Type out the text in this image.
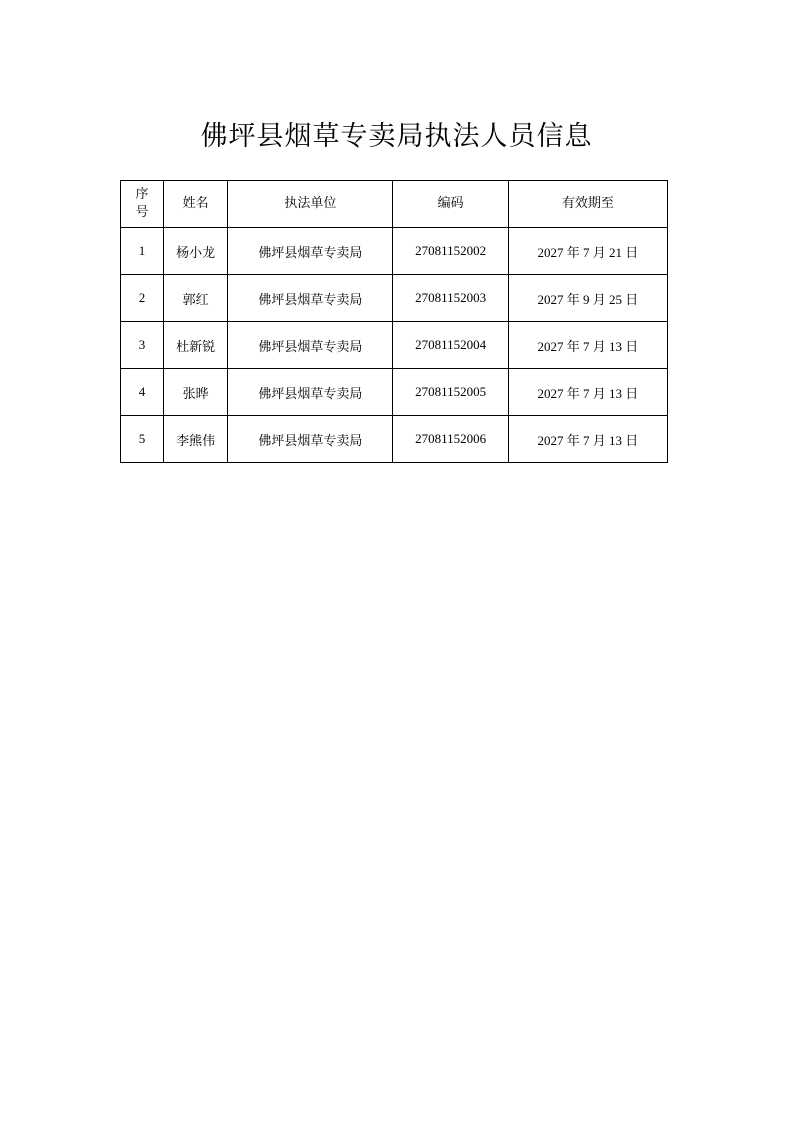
佛坪县烟草专卖局执法人员信息
序
号	姓名	执法单位	编码	有效期至
1	杨小龙	佛坪县烟草专卖局	27081152002	2027 年 7 月 21 日
2	郭红	佛坪县烟草专卖局	27081152003	2027 年 9 月 25 日
3	杜新锐	佛坪县烟草专卖局	27081152004	2027 年 7 月 13 日
4	张晔	佛坪县烟草专卖局	27081152005	2027 年 7 月 13 日
5	李熊伟	佛坪县烟草专卖局	27081152006	2027 年 7 月 13 日
